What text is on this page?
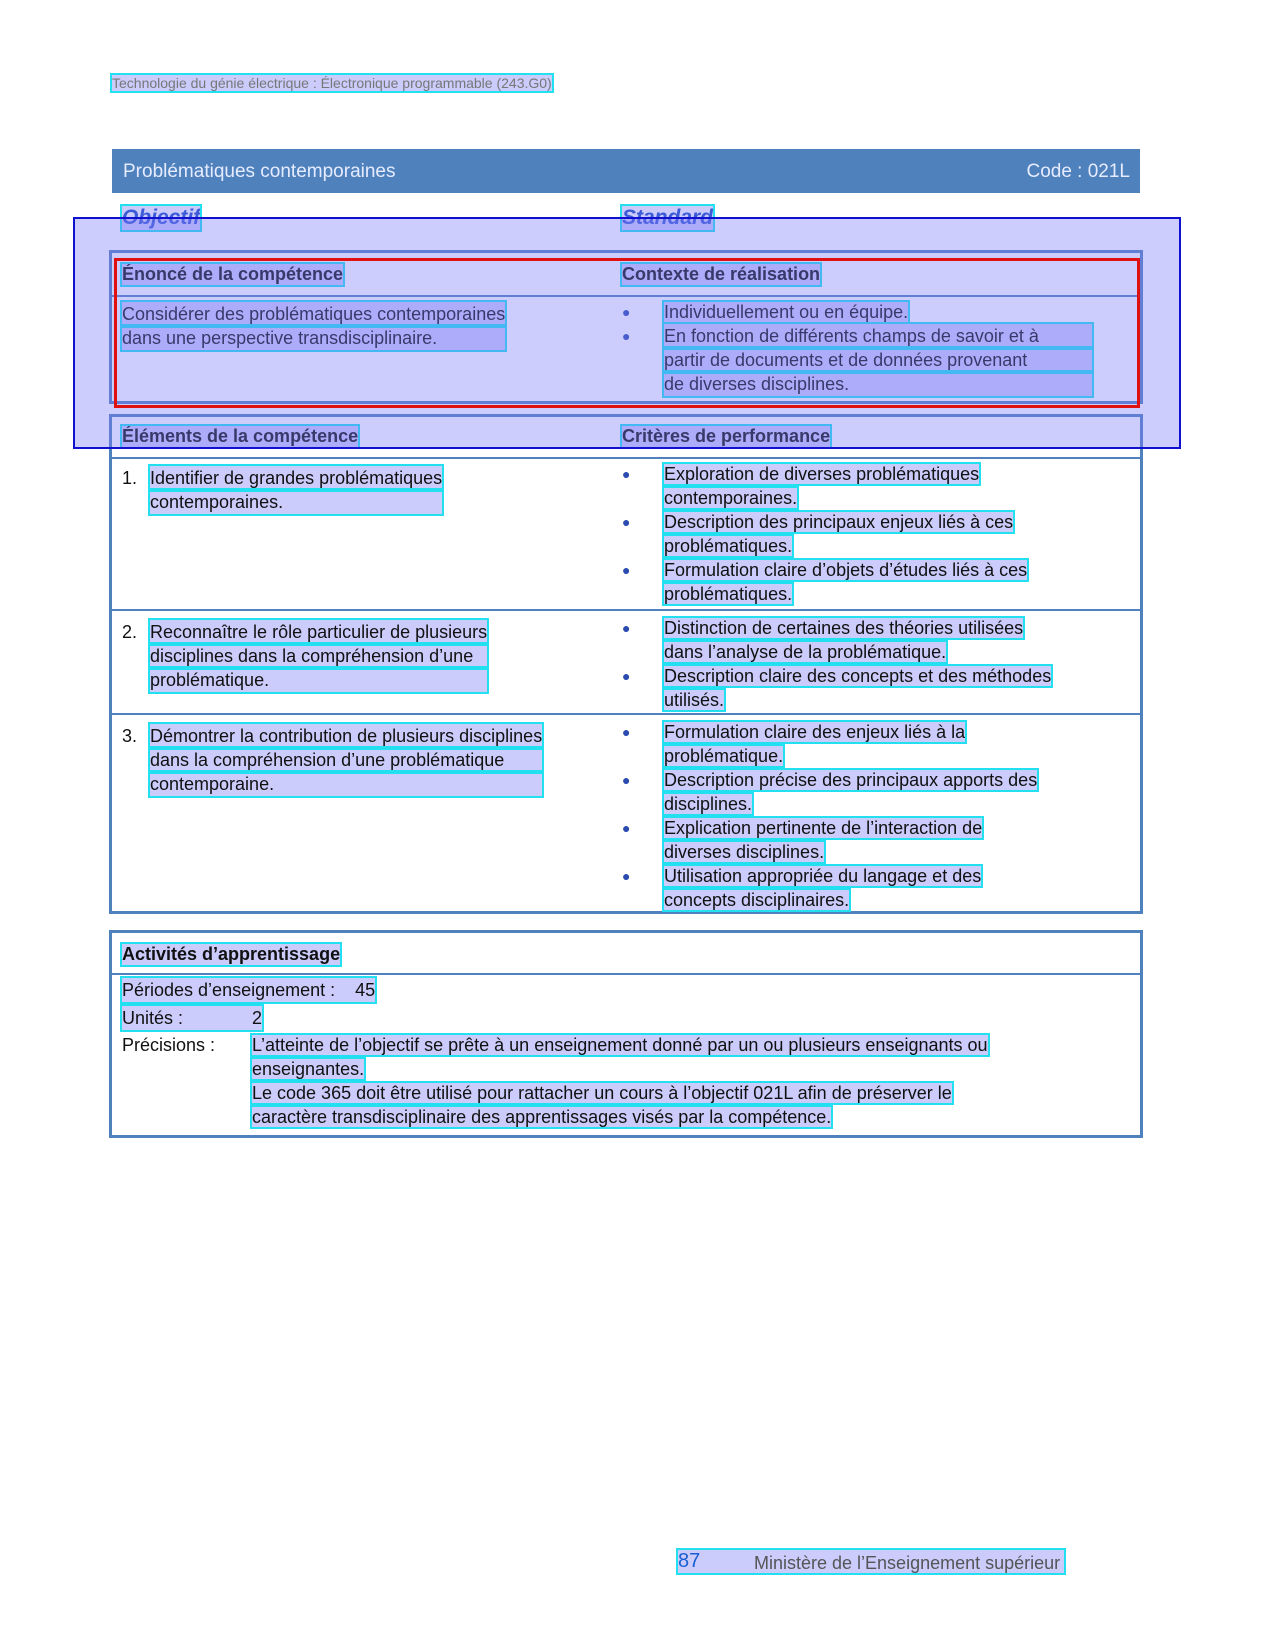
Technologie du génie électrique : Électronique programmable (243.G0)
Problématiques contemporaines	Code : 021L
Objectif	Standard
Énoncé de la compétence	Contexte de réalisation
Considérer des problématiques contemporaines
dans une perspective transdisciplinaire.
● Individuellement ou en équipe.
● En fonction de différents champs de savoir et à
partir de documents et de données provenant
de diverses disciplines.
Éléments de la compétence	Critères de performance
1. Identifier de grandes problématiques
contemporaines.
● Exploration de diverses problématiques
contemporaines.
● Description des principaux enjeux liés à ces
problématiques.
● Formulation claire d’objets d’études liés à ces
problématiques.
2. Reconnaître le rôle particulier de plusieurs
disciplines dans la compréhension d’une
problématique.
● Distinction de certaines des théories utilisées
dans l’analyse de la problématique.
● Description claire des concepts et des méthodes
utilisés.
3. Démontrer la contribution de plusieurs disciplines
dans la compréhension d’une problématique
contemporaine.
● Formulation claire des enjeux liés à la
problématique.
● Description précise des principaux apports des
disciplines.
● Explication pertinente de l’interaction de
diverses disciplines.
● Utilisation appropriée du langage et des
concepts disciplinaires.
Activités d’apprentissage
Périodes d’enseignement : 45
Unités :	2
Précisions : L’atteinte de l’objectif se prête à un enseignement donné par un ou plusieurs enseignants ou
enseignantes.
Le code 365 doit être utilisé pour rattacher un cours à l’objectif 021L afin de préserver le
caractère transdisciplinaire des apprentissages visés par la compétence.
87	Ministère de l’Enseignement supérieur
